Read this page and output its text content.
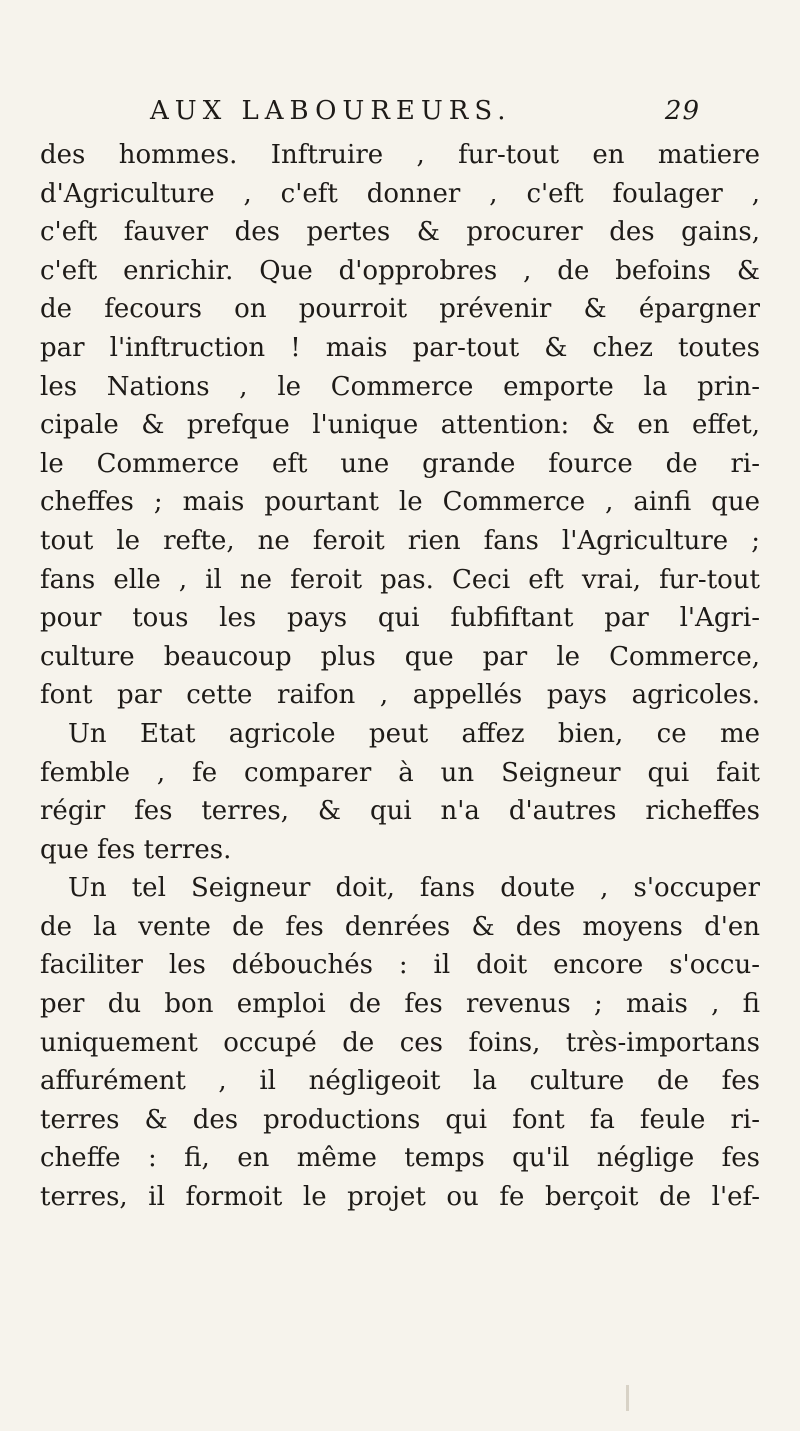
AUX LABOUREURS.	29
des hommes. Inftruire , fur-tout en matiere
d'Agriculture , c'eft donner , c'eft foulager ,
c'eft fauver des pertes & procurer des gains,
c'eft enrichir. Que d'opprobres , de befoins &
de fecours on pourroit prévenir & épargner
par l'inftruction ! mais par-tout & chez toutes
les Nations , le Commerce emporte la prin-
cipale & prefque l'unique attention: & en effet,
le Commerce eft une grande fource de ri-
cheffes ; mais pourtant le Commerce , ainfi que
tout le refte, ne feroit rien fans l'Agriculture ;
fans elle , il ne feroit pas. Ceci eft vrai, fur-tout
pour tous les pays qui fubfiftant par l'Agri-
culture beaucoup plus que par le Commerce,
font par cette raifon , appellés pays agricoles.
Un Etat agricole peut affez bien, ce me
femble , fe comparer à un Seigneur qui fait
régir fes terres, & qui n'a d'autres richeffes
que fes terres.
Un tel Seigneur doit, fans doute , s'occuper
de la vente de fes denrées & des moyens d'en
faciliter les débouchés : il doit encore s'occu-
per du bon emploi de fes revenus ; mais , fi
uniquement occupé de ces foins, très-importans
affurément , il négligeoit la culture de fes
terres & des productions qui font fa feule ri-
cheffe : fi, en même temps qu'il néglige fes
terres, il formoit le projet ou fe berçoit de l'ef-
